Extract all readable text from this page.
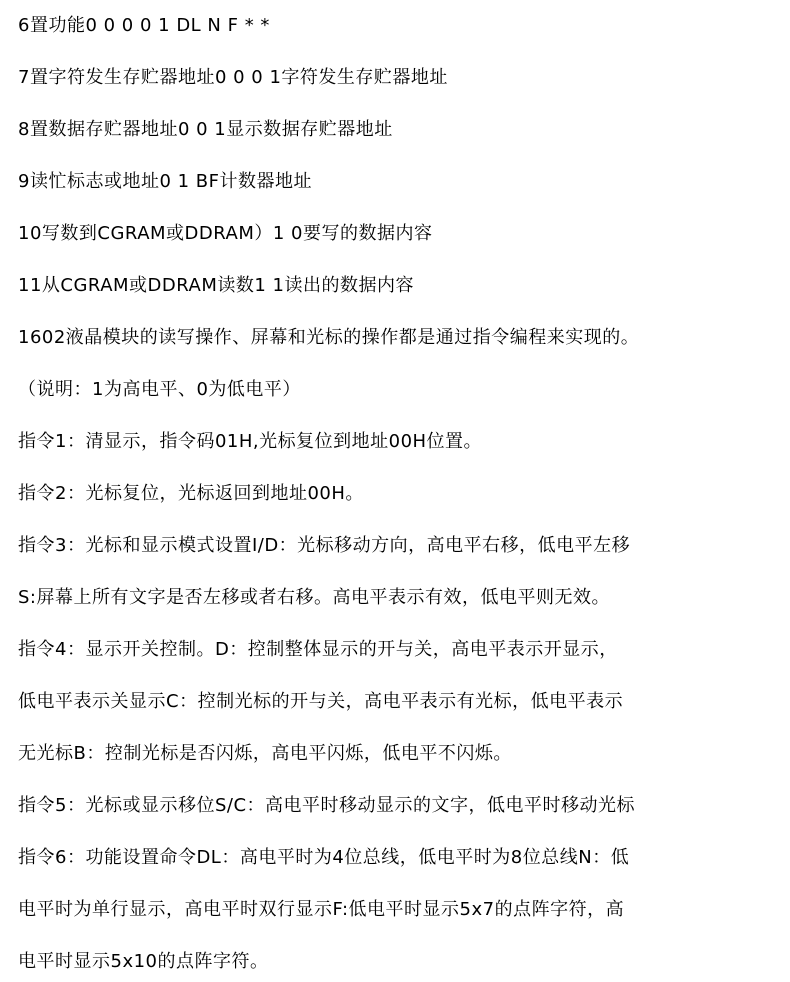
6置功能0 0 0 0 1 DL N F * *
7置字符发生存贮器地址0 0 0 1字符发生存贮器地址
8置数据存贮器地址0 0 1显示数据存贮器地址
9读忙标志或地址0 1 BF计数器地址
10写数到CGRAM或DDRAM）1 0要写的数据内容
11从CGRAM或DDRAM读数1 1读出的数据内容
1602液晶模块的读写操作、屏幕和光标的操作都是通过指令编程来实现的。
（说明：1为高电平、0为低电平）
指令1：清显示，指令码01H,光标复位到地址00H位置。
指令2：光标复位，光标返回到地址00H。
指令3：光标和显示模式设置I/D：光标移动方向，高电平右移，低电平左移
S:屏幕上所有文字是否左移或者右移。高电平表示有效，低电平则无效。
指令4：显示开关控制。D：控制整体显示的开与关，高电平表示开显示，
低电平表示关显示C：控制光标的开与关，高电平表示有光标，低电平表示
无光标B：控制光标是否闪烁，高电平闪烁，低电平不闪烁。
指令5：光标或显示移位S/C：高电平时移动显示的文字，低电平时移动光标
指令6：功能设置命令DL：高电平时为4位总线，低电平时为8位总线N：低
电平时为单行显示，高电平时双行显示F:低电平时显示5x7的点阵字符，高
电平时显示5x10的点阵字符。
